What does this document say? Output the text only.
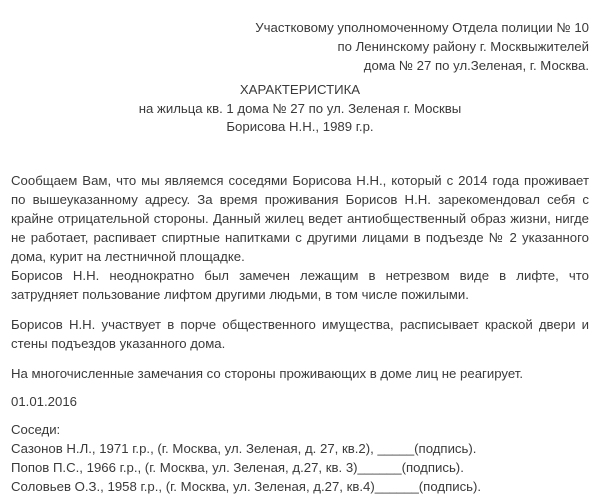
Участковому уполномоченному Отдела полиции № 10
по Ленинскому району г. Москвыжителей
дома № 27 по ул.Зеленая, г. Москва.
ХАРАКТЕРИСТИКА
на жильца кв. 1 дома № 27 по ул. Зеленая г. Москвы
Борисова Н.Н., 1989 г.р.
Сообщаем Вам, что мы являемся соседями Борисова Н.Н., который с 2014 года проживает по вышеуказанному адресу. За время проживания Борисов Н.Н. зарекомендовал себя с крайне отрицательной стороны. Данный жилец ведет антиобщественный образ жизни, нигде не работает, распивает спиртные напитками с другими лицами в подъезде № 2 указанного дома, курит на лестничной площадке.
Борисов Н.Н. неоднократно был замечен лежащим в нетрезвом виде в лифте, что затрудняет пользование лифтом другими людьми, в том числе пожилыми.
Борисов Н.Н. участвует в порче общественного имущества, расписывает краской двери и стены подъездов указанного дома.
На многочисленные замечания со стороны проживающих в доме лиц не реагирует.
01.01.2016
Соседи:
Сазонов Н.Л., 1971 г.р., (г. Москва, ул. Зеленая, д. 27, кв.2), _____(подпись).
Попов П.С., 1966 г.р., (г. Москва, ул. Зеленая, д.27, кв. 3)______(подпись).
Соловьев О.З., 1958 г.р., (г. Москва, ул. Зеленая, д.27, кв.4)______(подпись).
